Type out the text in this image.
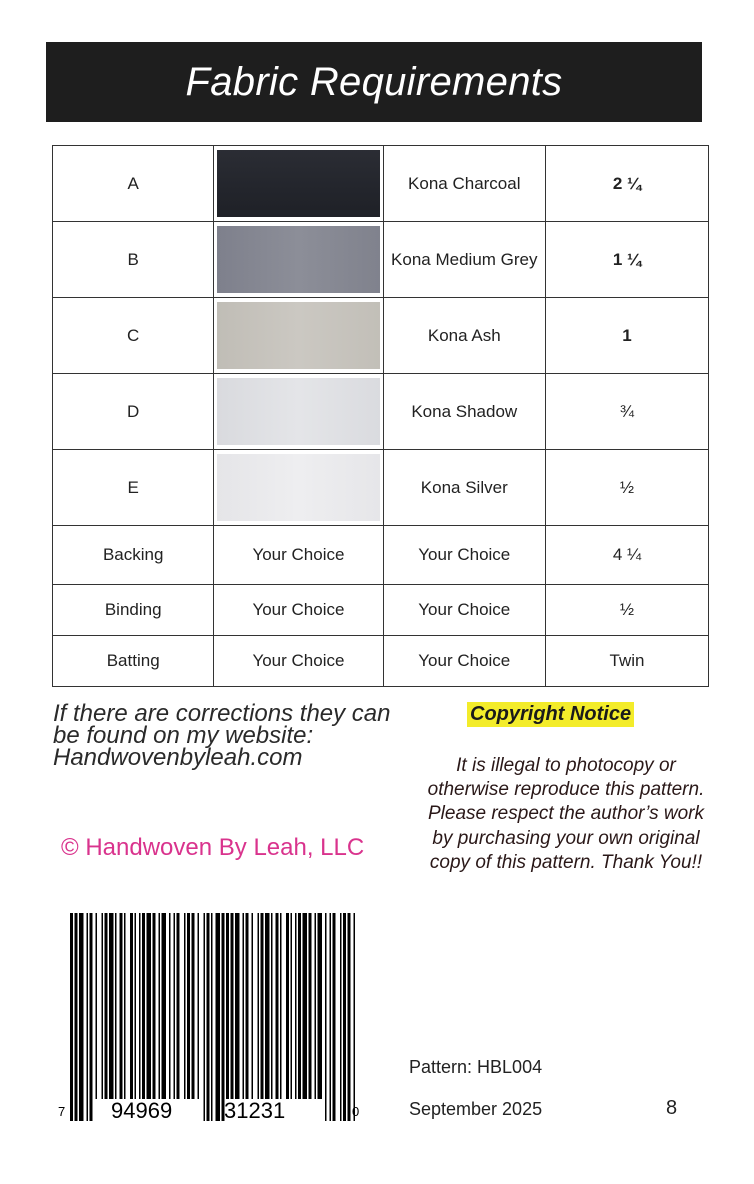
Fabric Requirements
A		Kona Charcoal	2 ¼
B		Kona Medium Grey	1 ¼
C		Kona Ash	1
D		Kona Shadow	¾
E		Kona Silver	½
Backing	Your Choice	Your Choice	4 ¼
Binding	Your Choice	Your Choice	½
Batting	Your Choice	Your Choice	Twin

If there are corrections they can be found on my website: Handwovenbyleah.com

Copyright Notice

It is illegal to photocopy or otherwise reproduce this pattern. Please respect the author’s work by purchasing your own original copy of this pattern. Thank You!!

© Handwoven By Leah, LLC
7 94969 31231	0
Pattern: HBL004
September 2025	8
